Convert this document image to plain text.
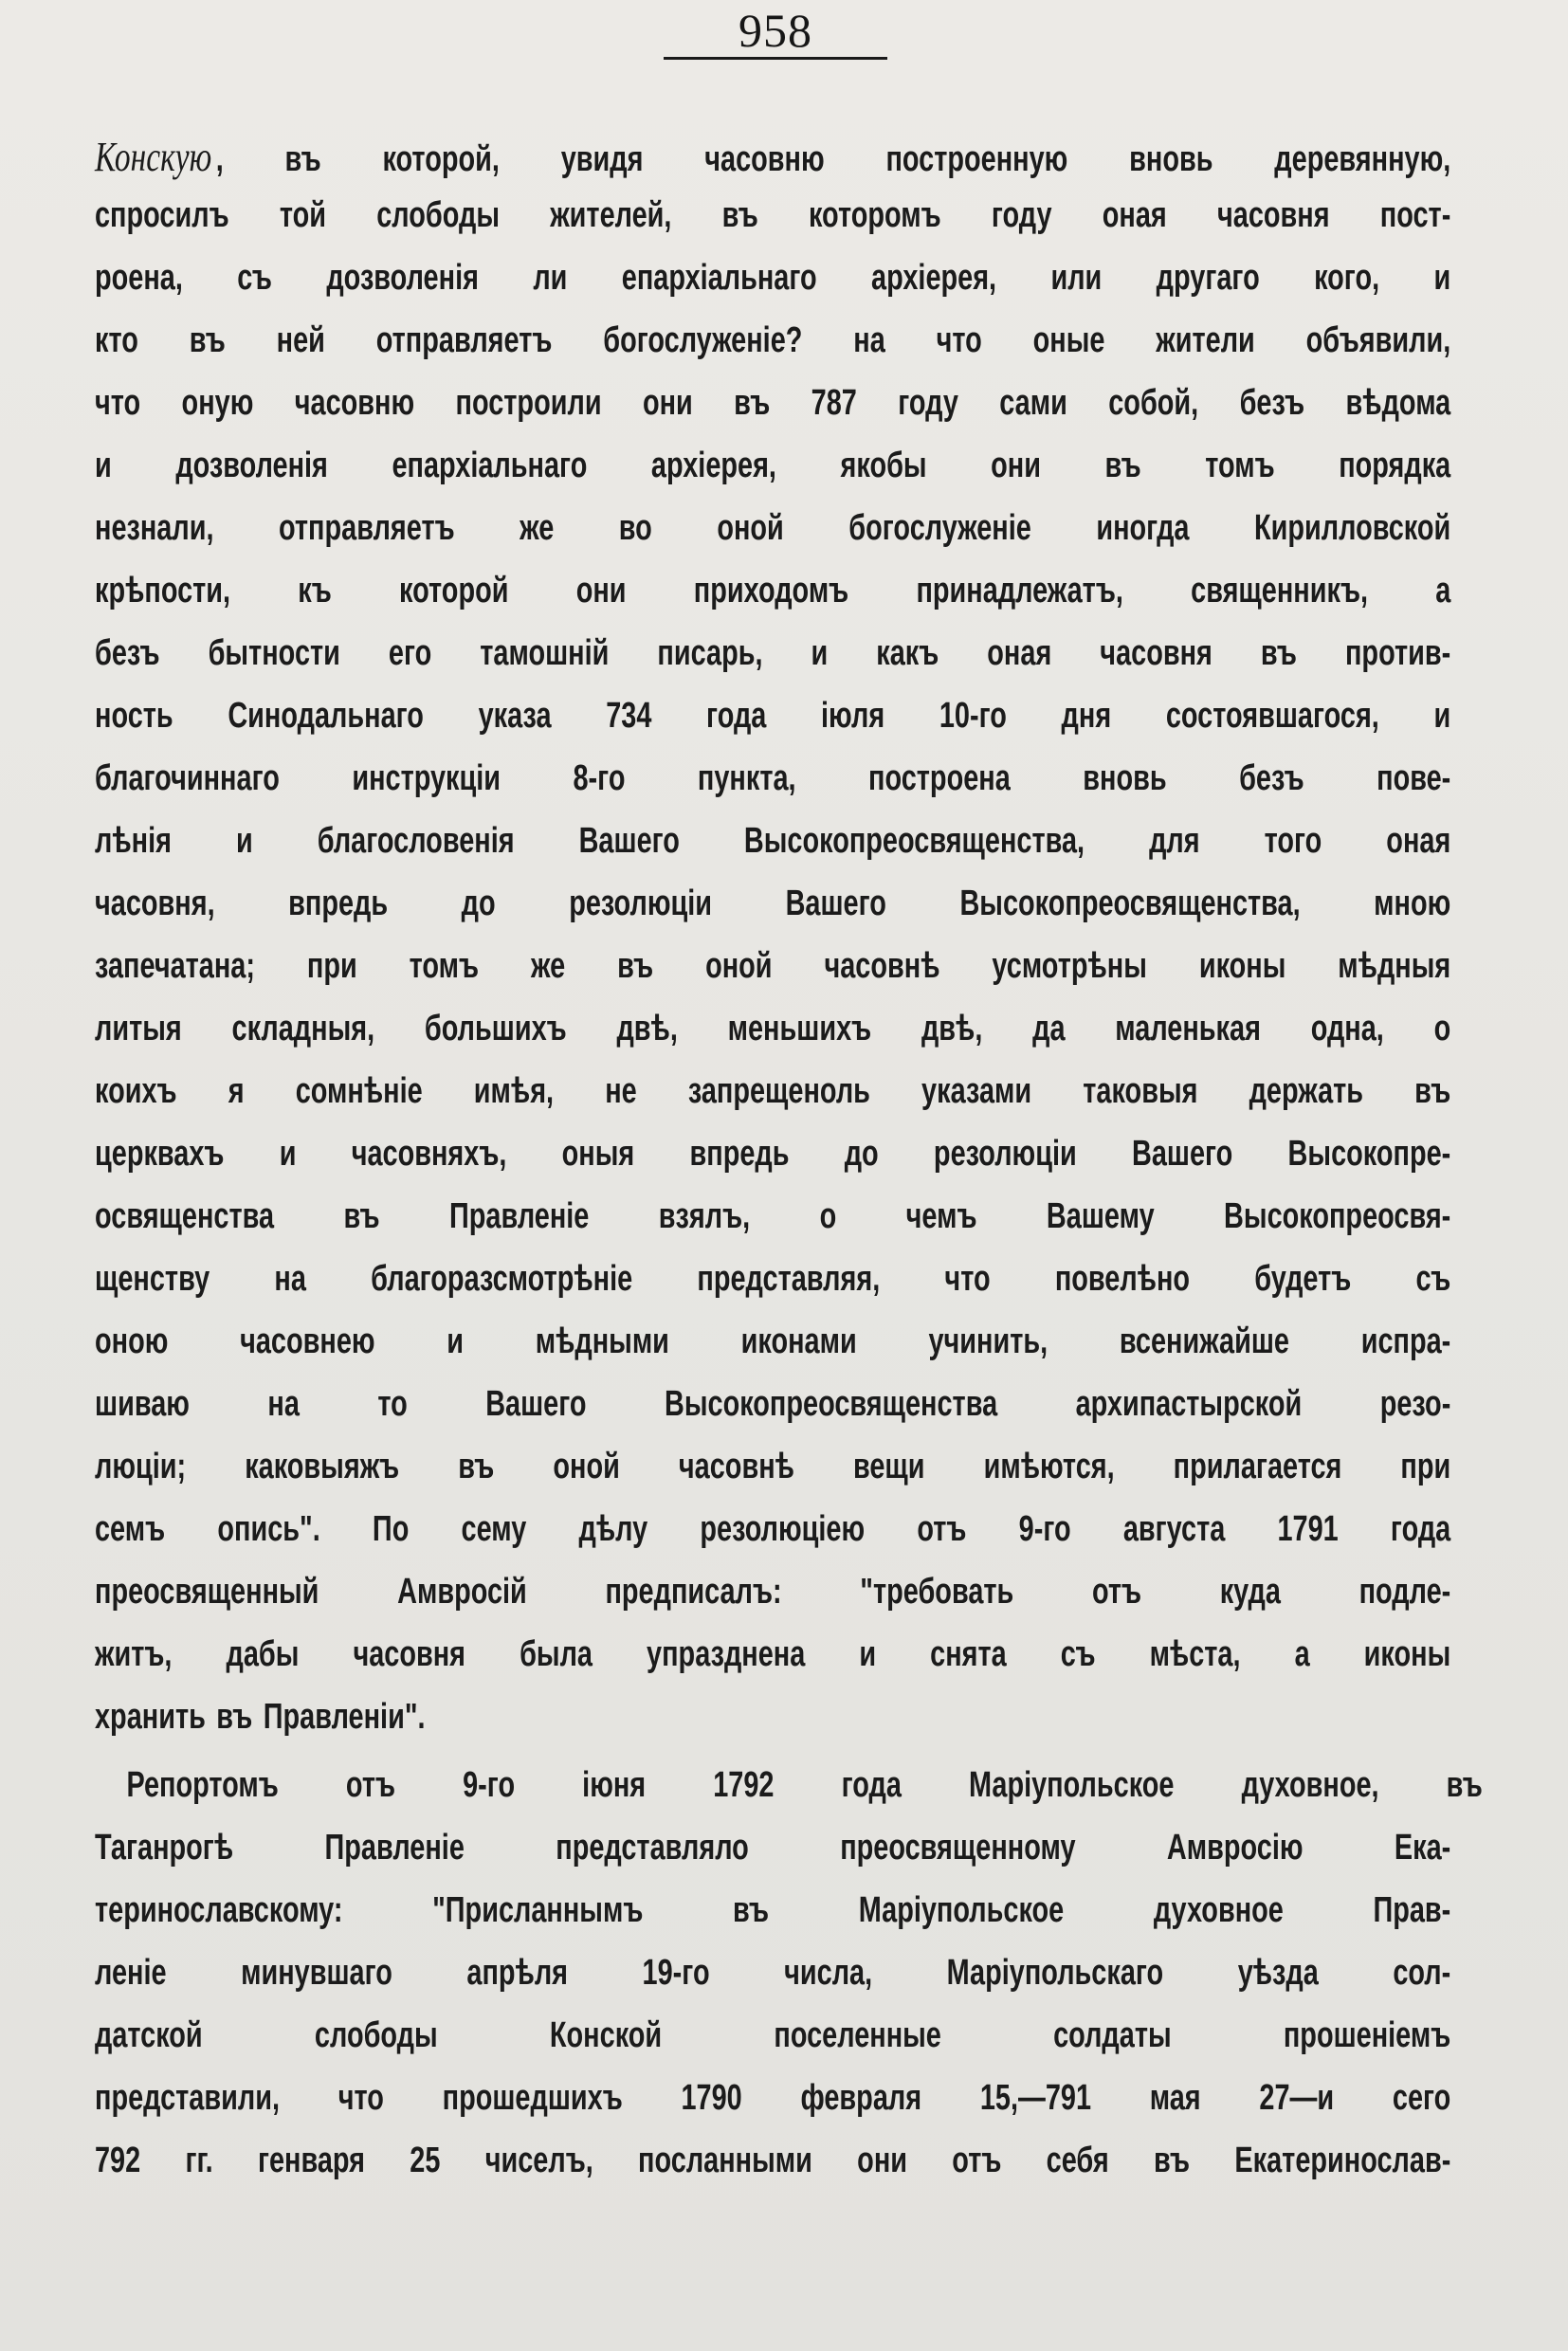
958
Конскую , въ которой, увидя часовню построенную вновь деревянную,
спросилъ той слободы жителей, въ которомъ году оная часовня пост-
роена, съ дозволенія ли епархіальнаго архіерея, или другаго кого, и
кто въ ней отправляетъ богослуженіе? на что оные жители объявили,
что оную часовню построили они въ 787 году сами собой, безъ вѣдома
и дозволенія епархіальнаго архіерея, якобы они въ томъ порядка
незнали, отправляетъ же во оной богослуженіе иногда Кирилловской
крѣпости, къ которой они приходомъ принадлежатъ, священникъ, а
безъ бытности его тамошній писарь, и какъ оная часовня въ против-
ность Синодальнаго указа 734 года іюля 10-го дня состоявшагося, и
благочиннаго инструкціи 8-го пункта, построена вновь безъ пове-
лѣнія и благословенія Вашего Высокопреосвященства, для того оная
часовня, впредь до резолюціи Вашего Высокопреосвященства, мною
запечатана; при томъ же въ оной часовнѣ усмотрѣны иконы мѣдныя
литыя складныя, большихъ двѣ, меньшихъ двѣ, да маленькая одна, о
коихъ я сомнѣніе имѣя, не запрещеноль указами таковыя держать въ
церквахъ и часовняхъ, оныя впредь до резолюціи Вашего Высокопре-
освященства въ Правленіе взялъ, о чемъ Вашему Высокопреосвя-
щенству на благоразсмотрѣніе представляя, что повелѣно будетъ съ
оною часовнею и мѣдными иконами учинить, всенижайше испра-
шиваю на то Вашего Высокопреосвященства архипастырской резо-
люціи; каковыяжъ въ оной часовнѣ вещи имѣются, прилагается при
семъ опись". По сему дѣлу резолюціею отъ 9-го августа 1791 года
преосвященный Амвросій предписалъ: "требовать отъ куда подле-
житъ, дабы часовня была упразднена и снята съ мѣста, а иконы
хранить въ Правленіи".
Репортомъ отъ 9-го іюня 1792 года Маріупольское духовное, въ
Таганрогѣ	Правленіе	представляло	преосвященному	Амвросію	Ека-
теринославскому: "Присланнымъ въ Маріупольское духовное Прав-
леніе минувшаго апрѣля 19-го числа, Маріупольскаго уѣзда сол-
датской	слободы	Конской	поселенные	солдаты	прошеніемъ
представили, что прошедшихъ 1790 февраля 15,—791 мая 27—и сего
792 гг. генваря 25 чиселъ, посланными они отъ себя въ Екатеринослав-
